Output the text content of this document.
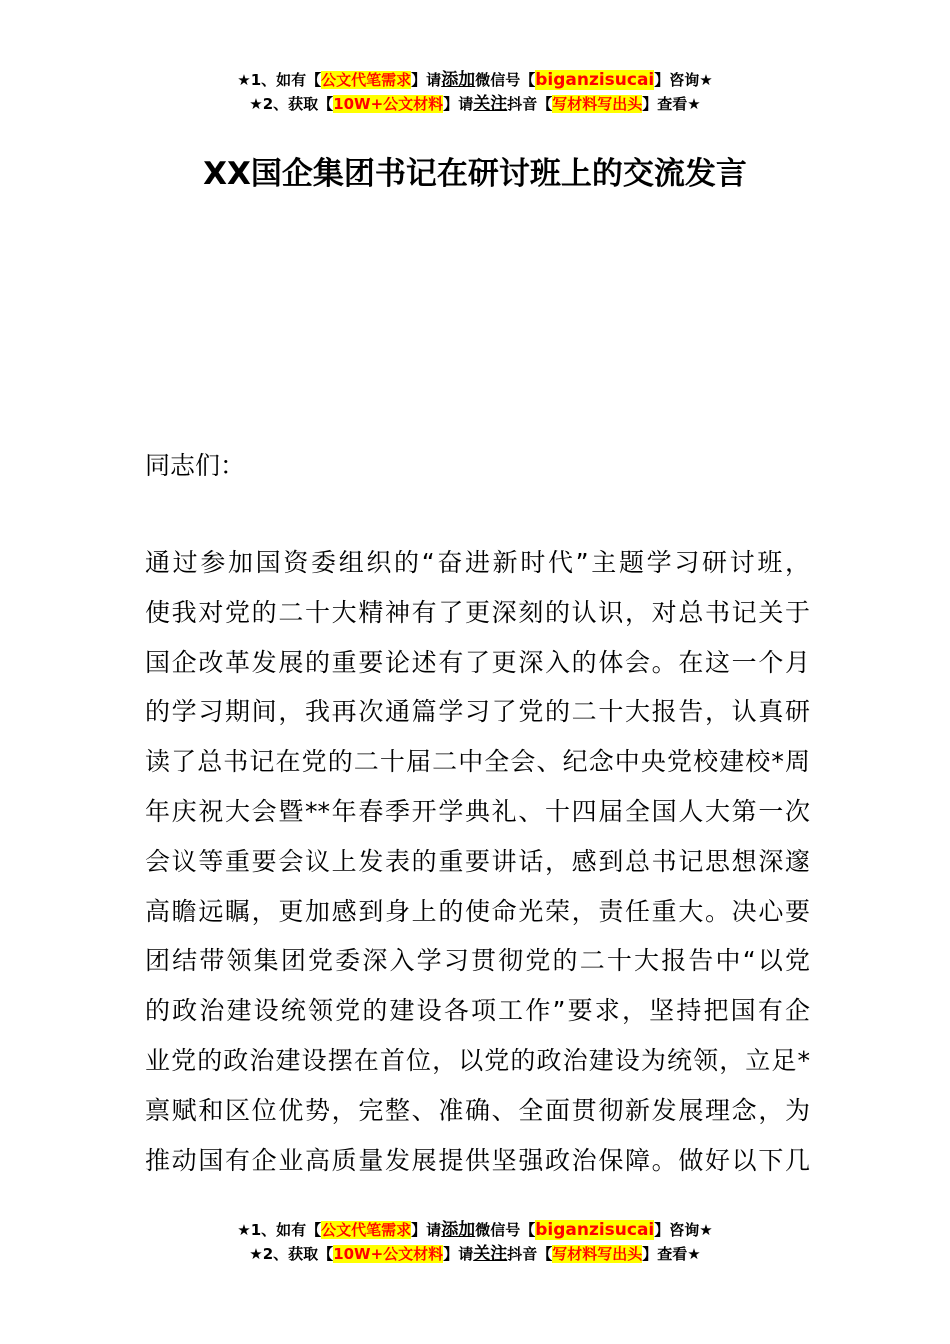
★1、如有【公文代笔需求】请添加微信号【biganzisucai】咨询★
★2、获取【10W+公文材料】请关注抖音【写材料写出头】查看★
XX国企集团书记在研讨班上的交流发言
同志们：
通过参加国资委组织的“奋进新时代”主题学习研讨班，
使我对党的二十大精神有了更深刻的认识，对总书记关于
国企改革发展的重要论述有了更深入的体会。在这一个月
的学习期间，我再次通篇学习了党的二十大报告，认真研
读了总书记在党的二十届二中全会、纪念中央党校建校*周
年庆祝大会暨**年春季开学典礼、十四届全国人大第一次
会议等重要会议上发表的重要讲话，感到总书记思想深邃
高瞻远瞩，更加感到身上的使命光荣，责任重大。决心要
团结带领集团党委深入学习贯彻党的二十大报告中“以党
的政治建设统领党的建设各项工作”要求，坚持把国有企
业党的政治建设摆在首位，以党的政治建设为统领，立足*
禀赋和区位优势，完整、准确、全面贯彻新发展理念，为
推动国有企业高质量发展提供坚强政治保障。做好以下几
★1、如有【公文代笔需求】请添加微信号【biganzisucai】咨询★
★2、获取【10W+公文材料】请关注抖音【写材料写出头】查看★
